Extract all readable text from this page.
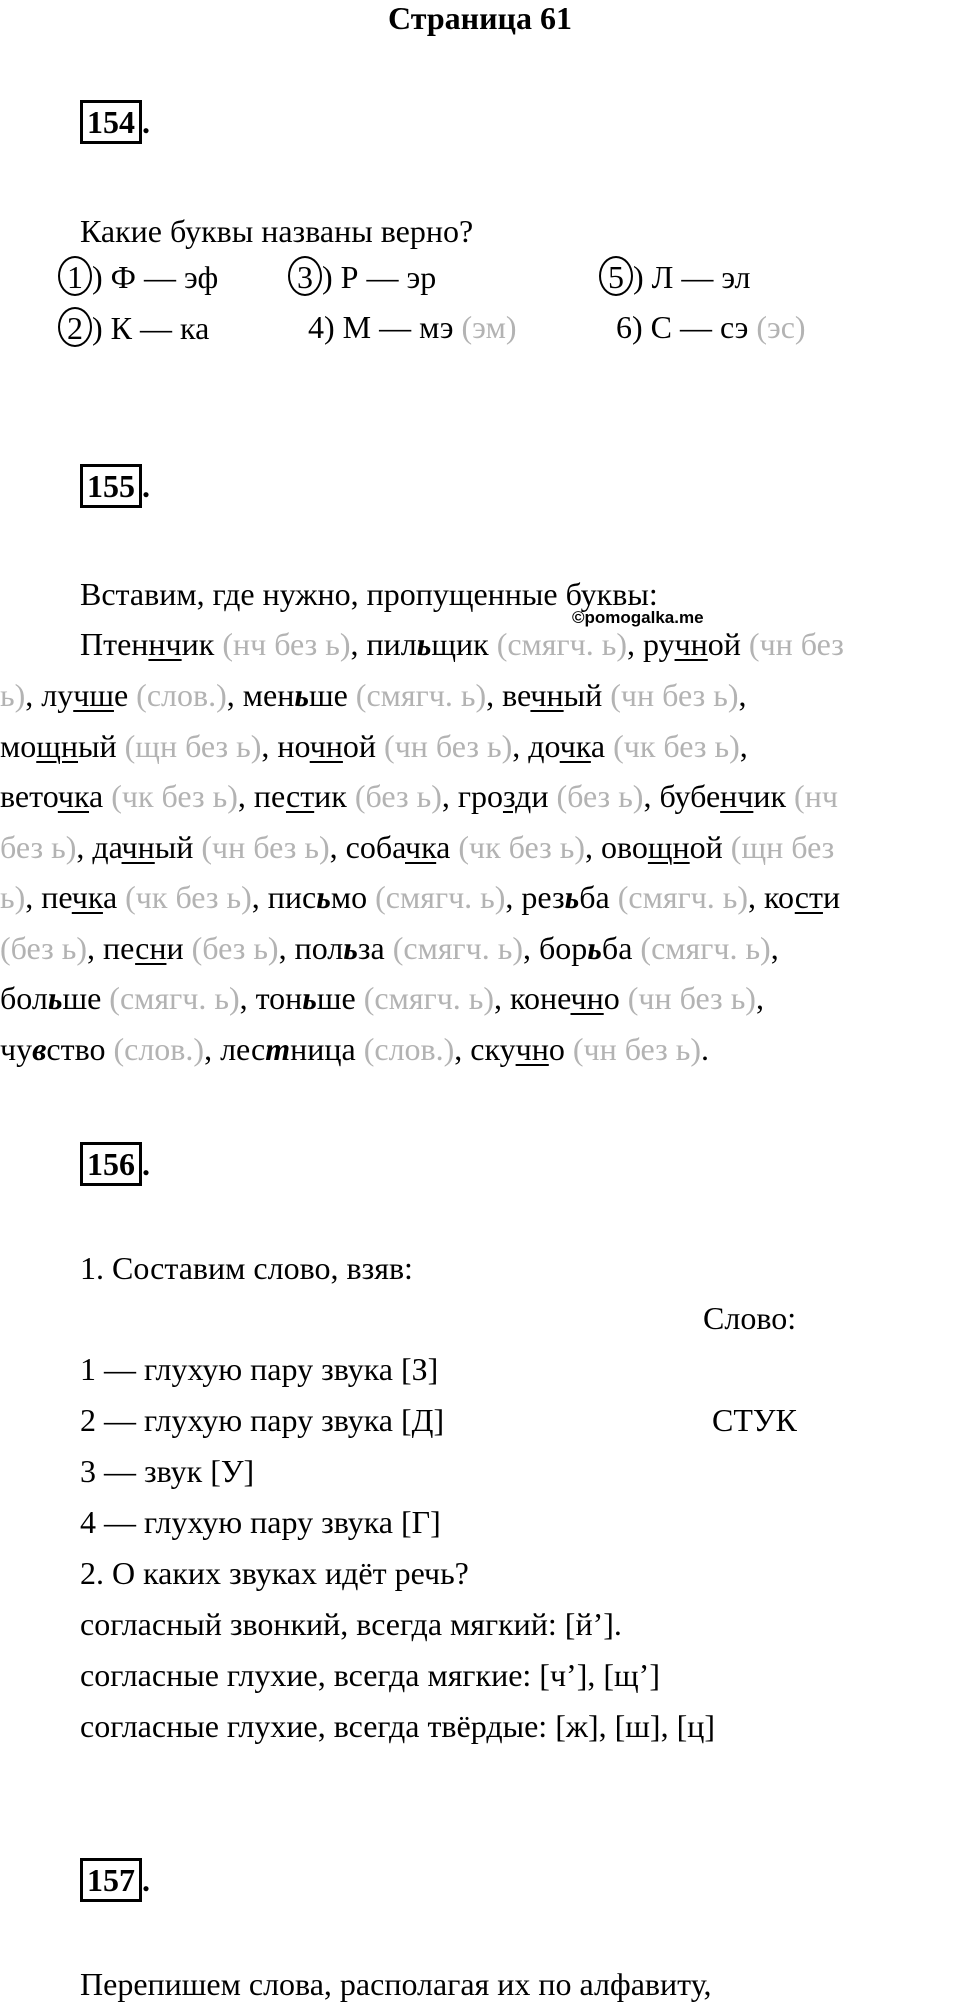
Страница 61
154 .
Какие буквы названы верно?
1 ) Ф — эф
2 ) К — ка
3 ) Р — эр
4) М — мэ (эм)
5 ) Л — эл
6) С — сэ (эс)
155 .
Вставим, где нужно, пропущенные буквы:
©pomogalka.me
Птеннчик (нч без ь), пильщик (смягч. ь), ручной (чн без
ь), лучше (слов.), меньше (смягч. ь), вечный (чн без ь),
мощный (щн без ь), ночной (чн без ь), дочка (чк без ь),
веточка (чк без ь), пестик (без ь), грозди (без ь), бубенчик (нч
без ь), дачный (чн без ь), собачка (чк без ь), овощной (щн без
ь), печка (чк без ь), письмо (смягч. ь), резьба (смягч. ь), кости
(без ь), песни (без ь), польза (смягч. ь), борьба (смягч. ь),
больше (смягч. ь), тоньше (смягч. ь), конечно (чн без ь),
чувство (слов.), лестница (слов.), скучно (чн без ь).
156 .
1. Составим слово, взяв:
Слово:
1 — глухую пару звука [З]
2 — глухую пару звука [Д]	СТУК
3 — звук [У]
4 — глухую пару звука [Г]
2. О каких звуках идёт речь?
согласный звонкий, всегда мягкий: [й’].
согласные глухие, всегда мягкие: [ч’], [щ’]
согласные глухие, всегда твёрдые: [ж], [ш], [ц]
157 .
Перепишем слова, располагая их по алфавиту,
